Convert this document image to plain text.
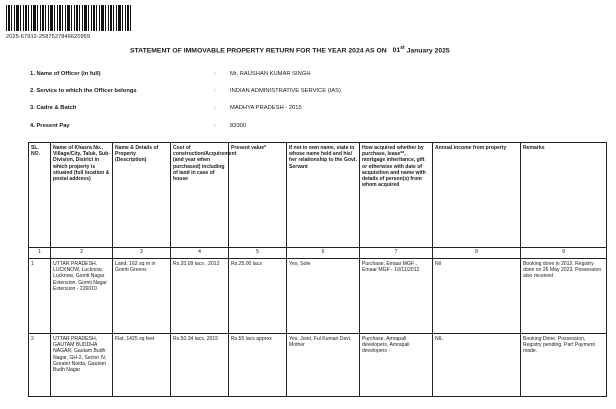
2025-67912-2587527846620959
STATEMENT OF IMMOVABLE PROPERTY RETURN FOR THE YEAR 2024 AS ON 01st January 2025
1. Name of Officer (in full)	: Mr. RAUSHAN KUMAR SINGH
2. Service to which the Officer belongs	: INDIAN ADMINISTRATIVE SERVICE (IAS)
3. Cadre & Batch	: MADHYA PRADESH - 2015
4. Present Pay	: 83300
SL. NO.	Name of Khasra No., Village/City, Taluk, Sub-Division, District in which property is situated (full location & postal address)	Name & Details of Property (Description)	Cost of construction/Acquirement (and year when purchased) including of land in case of house	Present value*	If not in own name, state in whose name held and his/ her relationship to the Govt. Servant	How acquired whether by purchase, lease**, mortgage inheritance, gift or otherwise with date of acquisition and name with details of person(s) from whom acquired	Annual income from property	Remarks
1	2	3	4	5	6	7	8	9
1	UTTAR PRADESH, LUCKNOW, Lucknow, Lucknow, Gomti Nagar Extension, Gomti Nagar Extension - 226010	Land, 162 sq m in Gomti Greens	Rs.20.09 lacs , 2012	Rs.25.00 lacs	Yes, Sole	Purchase, Emaar MGF , Emaar MGF - 10/11/2012	Nil	Booking done in 2012. Registry done on 26 May 2023. Possession also received
2	UTTAR PRADESH, GAUTAM BUDDHA NAGAR, Gautam Budh Nagar, GH-2, Sector IV, Greater Noida, Gautam Budh Nagar	Flat, 1425 sq feet	Rs.50.34 lacs, 2015	Rs.55 lacs approx	Yes, Joint, Ful Kumari Devi, Mother	Purchase, Amrapali developers, Amrapali developers -	NIL	Booking Done. Possession, Registry pending. Part Payment made.
